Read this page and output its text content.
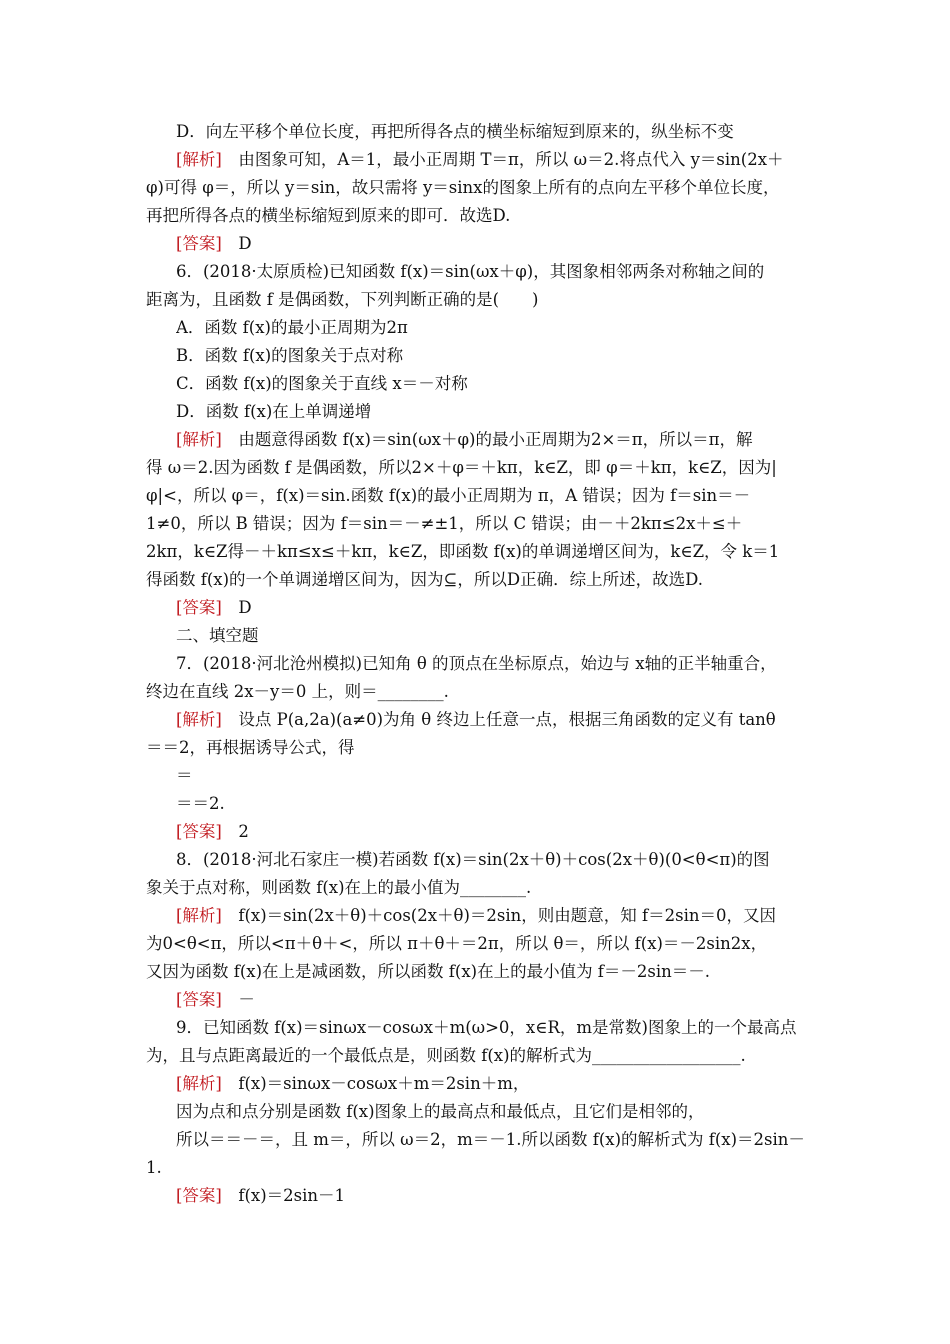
D．向左平移个单位长度，再把所得各点的横坐标缩短到原来的，纵坐标不变
[解析]　由图象可知，A＝1，最小正周期 T＝π，所以 ω＝2.将点代入 y＝sin(2x＋
φ)可得 φ＝，所以 y＝sin，故只需将 y＝sinx的图象上所有的点向左平移个单位长度，
再把所得各点的横坐标缩短到原来的即可．故选D.
[答案]　D
6．(2018·太原质检)已知函数 f(x)＝sin(ωx＋φ)，其图象相邻两条对称轴之间的
距离为，且函数 f 是偶函数，下列判断正确的是(　　)
A．函数 f(x)的最小正周期为2π
B．函数 f(x)的图象关于点对称
C．函数 f(x)的图象关于直线 x＝－对称
D．函数 f(x)在上单调递增
[解析]　由题意得函数 f(x)＝sin(ωx＋φ)的最小正周期为2×＝π，所以＝π，解
得 ω＝2.因为函数 f 是偶函数，所以2×＋φ＝＋kπ，k∈Z，即 φ＝＋kπ，k∈Z，因为|
φ|<，所以 φ＝，f(x)＝sin.函数 f(x)的最小正周期为 π，A 错误；因为 f＝sin＝－
1≠0，所以 B 错误；因为 f＝sin＝－≠±1，所以 C 错误；由－＋2kπ≤2x＋≤＋
2kπ，k∈Z得－＋kπ≤x≤＋kπ，k∈Z，即函数 f(x)的单调递增区间为，k∈Z，令 k＝1
得函数 f(x)的一个单调递增区间为，因为⊆，所以D正确．综上所述，故选D.
[答案]　D
二、填空题
7．(2018·河北沧州模拟)已知角 θ 的顶点在坐标原点，始边与 x轴的正半轴重合，
终边在直线 2x－y＝0 上，则＝________.
[解析]　设点 P(a,2a)(a≠0)为角 θ 终边上任意一点，根据三角函数的定义有 tanθ
＝＝2，再根据诱导公式，得
＝
＝＝2.
[答案]　2
8．(2018·河北石家庄一模)若函数 f(x)＝sin(2x＋θ)＋cos(2x＋θ)(0<θ<π)的图
象关于点对称，则函数 f(x)在上的最小值为________.
[解析]　f(x)＝sin(2x＋θ)＋cos(2x＋θ)＝2sin，则由题意，知 f＝2sin＝0，又因
为0<θ<π，所以<π＋θ＋<，所以 π＋θ＋＝2π，所以 θ＝，所以 f(x)＝－2sin2x，
又因为函数 f(x)在上是减函数，所以函数 f(x)在上的最小值为 f＝－2sin＝－.
[答案]　－
9．已知函数 f(x)＝sinωx－cosωx＋m(ω>0，x∈R，m是常数)图象上的一个最高点
为，且与点距离最近的一个最低点是，则函数 f(x)的解析式为__________________.
[解析]　f(x)＝sinωx－cosωx＋m＝2sin＋m，
因为点和点分别是函数 f(x)图象上的最高点和最低点，且它们是相邻的，
所以＝＝－＝，且 m＝，所以 ω＝2，m＝－1.所以函数 f(x)的解析式为 f(x)＝2sin－
1.
[答案]　f(x)＝2sin－1
